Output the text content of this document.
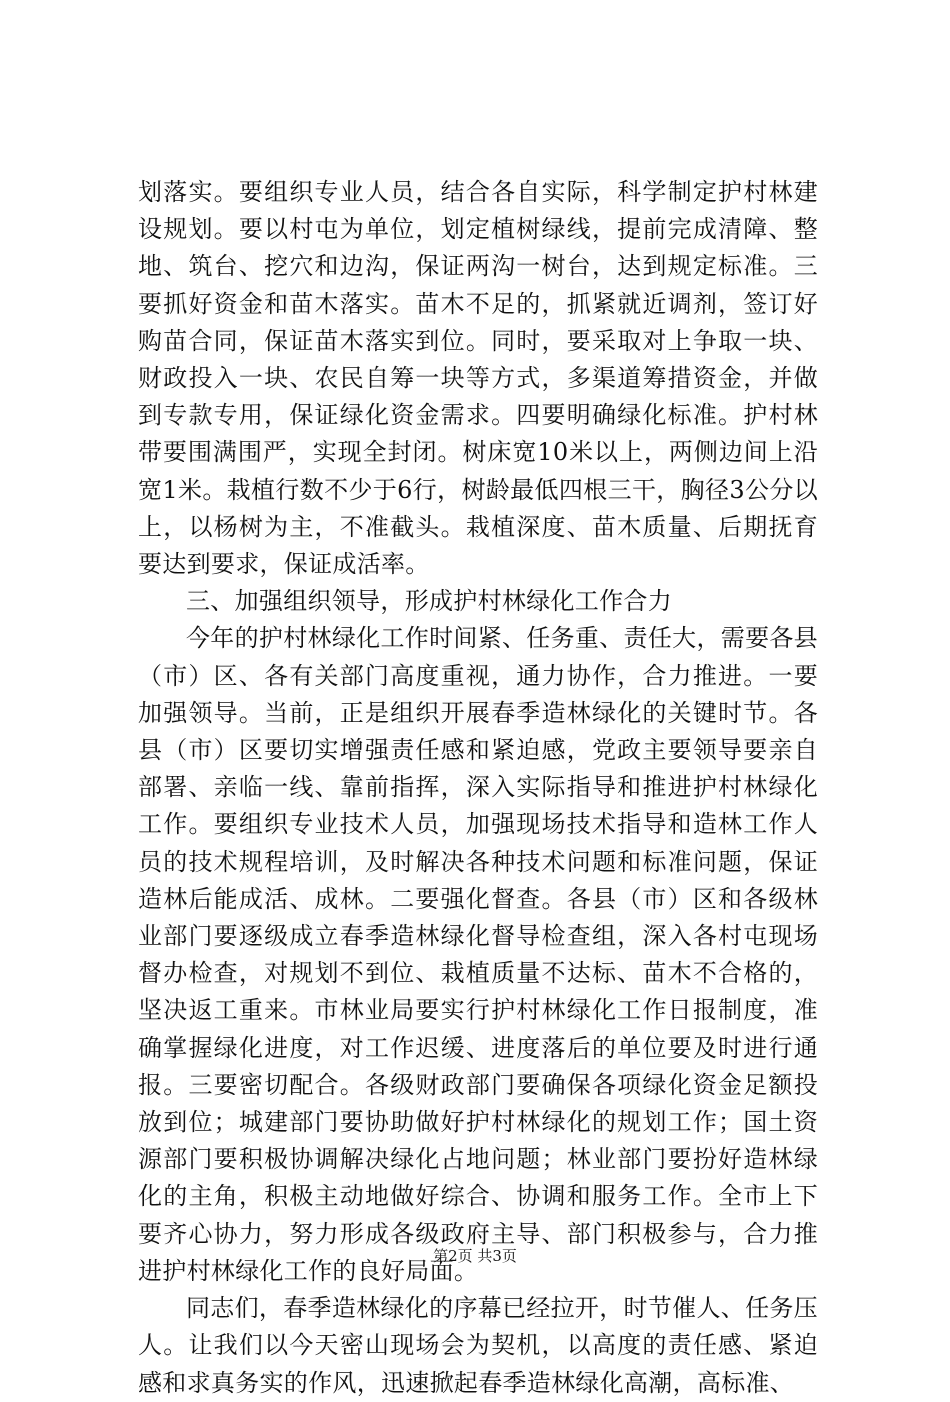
划落实。要组织专业人员，结合各自实际，科学制定护村林建设规划。要以村屯为单位，划定植树绿线，提前完成清障、整地、筑台、挖穴和边沟，保证两沟一树台，达到规定标准。三要抓好资金和苗木落实。苗木不足的，抓紧就近调剂，签订好购苗合同，保证苗木落实到位。同时，要采取对上争取一块、财政投入一块、农民自筹一块等方式，多渠道筹措资金，并做到专款专用，保证绿化资金需求。四要明确绿化标准。护村林带要围满围严，实现全封闭。树床宽10米以上，两侧边间上沿宽1米。栽植行数不少于6行，树龄最低四根三干，胸径3公分以上，以杨树为主，不准截头。栽植深度、苗木质量、后期抚育要达到要求，保证成活率。

三、加强组织领导，形成护村林绿化工作合力

今年的护村林绿化工作时间紧、任务重、责任大，需要各县（市）区、各有关部门高度重视，通力协作，合力推进。一要加强领导。当前，正是组织开展春季造林绿化的关键时节。各县（市）区要切实增强责任感和紧迫感，党政主要领导要亲自部署、亲临一线、靠前指挥，深入实际指导和推进护村林绿化工作。要组织专业技术人员，加强现场技术指导和造林工作人员的技术规程培训，及时解决各种技术问题和标准问题，保证造林后能成活、成林。二要强化督查。各县（市）区和各级林业部门要逐级成立春季造林绿化督导检查组，深入各村屯现场督办检查，对规划不到位、栽植质量不达标、苗木不合格的，坚决返工重来。市林业局要实行护村林绿化工作日报制度，准确掌握绿化进度，对工作迟缓、进度落后的单位要及时进行通报。三要密切配合。各级财政部门要确保各项绿化资金足额投放到位；城建部门要协助做好护村林绿化的规划工作；国土资源部门要积极协调解决绿化占地问题；林业部门要扮好造林绿化的主角，积极主动地做好综合、协调和服务工作。全市上下要齐心协力，努力形成各级政府主导、部门积极参与，合力推进护村林绿化工作的良好局面。

同志们，春季造林绿化的序幕已经拉开，时节催人、任务压人。让我们以今天密山现场会为契机，以高度的责任感、紧迫感和求真务实的作风，迅速掀起春季造林绿化高潮，高标准、

第2页 共3页
